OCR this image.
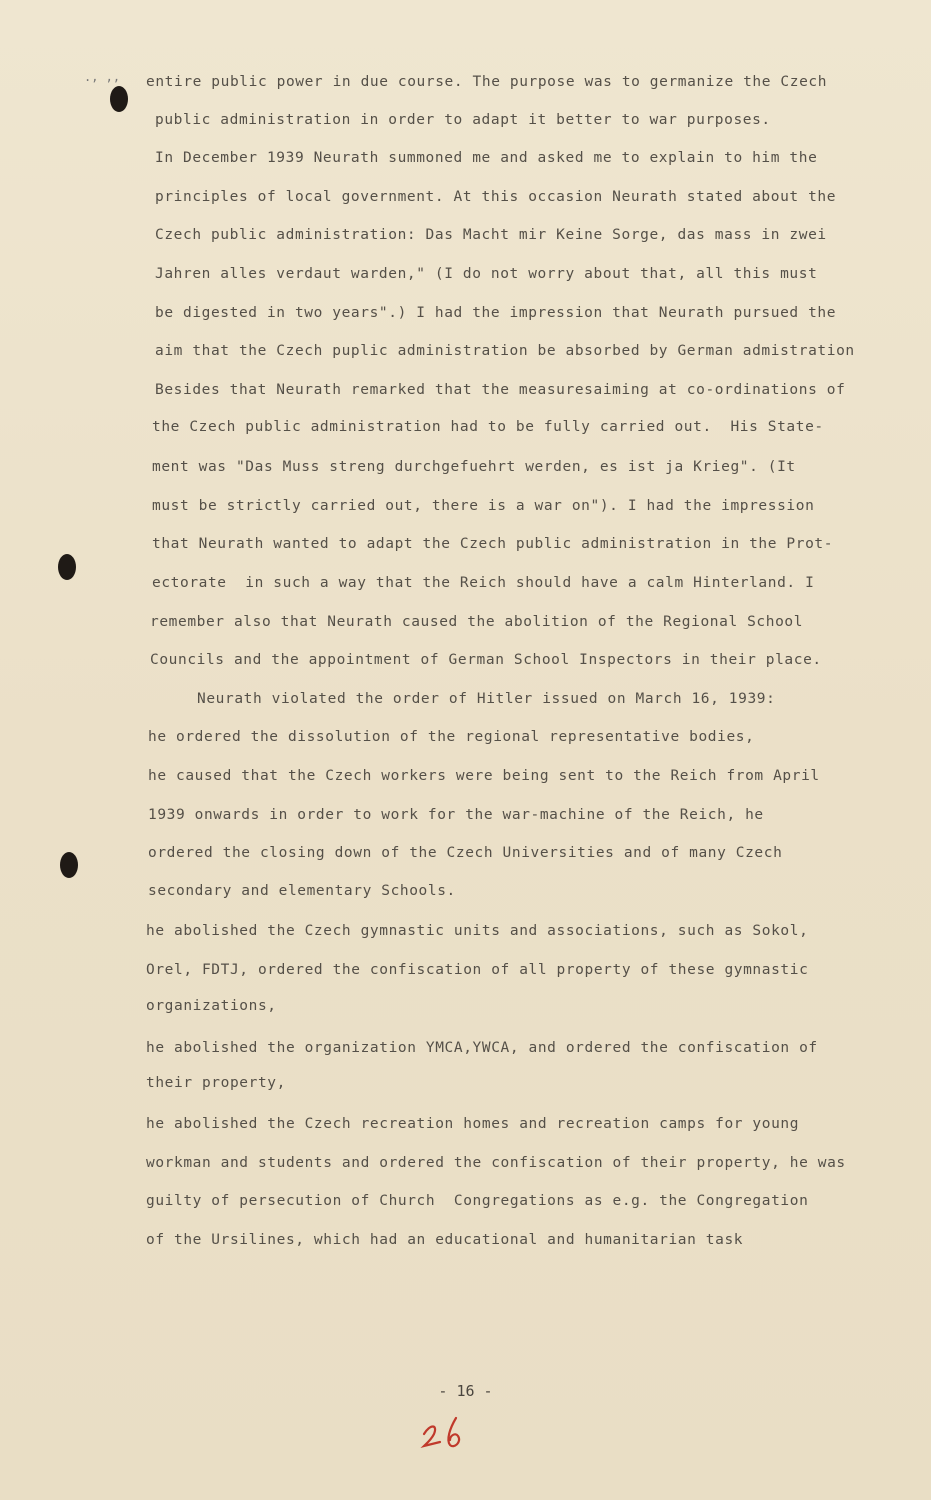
., ,, entire public power in due course. The purpose was to germanize the Czech
public administration in order to adapt it better to war purposes.
In December 1939 Neurath summoned me and asked me to explain to him the
principles of local government. At this occasion Neurath stated about the
Czech public administration: Das Macht mir Keine Sorge, das mass in zwei
Jahren alles verdaut warden," (I do not worry about that, all this must
be digested in two years".) I had the impression that Neurath pursued the
aim that the Czech puplic administration be absorbed by German admistration
Besides that Neurath remarked that the measuresaiming at co-ordinations of
the Czech public administration had to be fully carried out.  His State-
ment was "Das Muss streng durchgefuehrt werden, es ist ja Krieg". (It
must be strictly carried out, there is a war on"). I had the impression
that Neurath wanted to adapt the Czech public administration in the Prot-
ectorate  in such a way that the Reich should have a calm Hinterland. I
remember also that Neurath caused the abolition of the Regional School
Councils and the appointment of German School Inspectors in their place.
Neurath violated the order of Hitler issued on March 16, 1939:
he ordered the dissolution of the regional representative bodies,
he caused that the Czech workers were being sent to the Reich from April
1939 onwards in order to work for the war-machine of the Reich, he
ordered the closing down of the Czech Universities and of many Czech
secondary and elementary Schools.
he abolished the Czech gymnastic units and associations, such as Sokol,
Orel, FDTJ, ordered the confiscation of all property of these gymnastic
organizations,
he abolished the organization YMCA,YWCA, and ordered the confiscation of
their property,
he abolished the Czech recreation homes and recreation camps for young
workman and students and ordered the confiscation of their property, he was
guilty of persecution of Church  Congregations as e.g. the Congregation
of the Ursilines, which had an educational and humanitarian task
- 16 -
